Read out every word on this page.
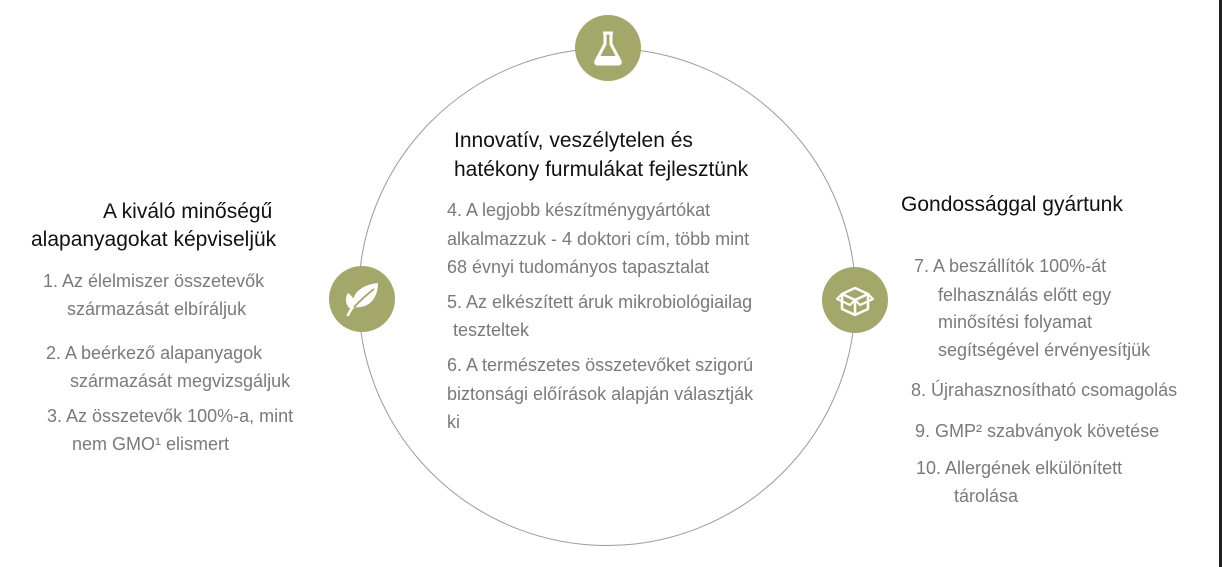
A kiváló minőségű
alapanyagokat képviseljük
1. Az élelmiszer összetevők
származását elbíráljuk
2. A beérkező alapanyagok
származását megvizsgáljuk
3. Az összetevők 100%-a, mint
nem GMO¹ elismert
Innovatív, veszélytelen és
hatékony furmulákat fejlesztünk
4. A legjobb készítménygyártókat
alkalmazzuk - 4 doktori cím, több mint
68 évnyi tudományos tapasztalat
5. Az elkészített áruk mikrobiológiailag
teszteltek
6. A természetes összetevőket szigorú
biztonsági előírások alapján választják
ki
Gondossággal gyártunk
7. A beszállítók 100%-át
felhasználás előtt egy
minősítési folyamat
segítségével érvényesítjük
8. Újrahasznosítható csomagolás
9. GMP² szabványok követése
10. Allergének elkülönített
tárolása
